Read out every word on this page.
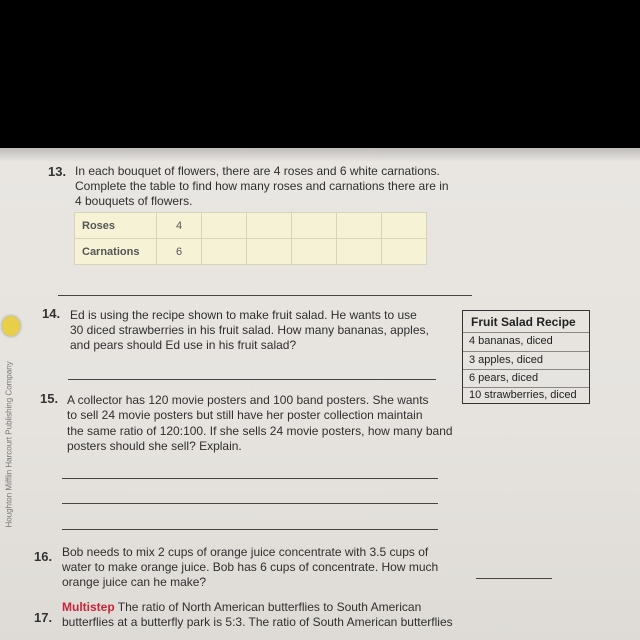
Houghton Mifflin Harcourt Publishing Company
13. In each bouquet of flowers, there are 4 roses and 6 white carnations.
Complete the table to find how many roses and carnations there are in
4 bouquets of flowers.
Roses	4					
Carnations	6					
14. Ed is using the recipe shown to make fruit salad. He wants to use
30 diced strawberries in his fruit salad. How many bananas, apples,
and pears should Ed use in his fruit salad?
Fruit Salad Recipe
4 bananas, diced
3 apples, diced
6 pears, diced
10 strawberries, diced
15. A collector has 120 movie posters and 100 band posters. She wants
to sell 24 movie posters but still have her poster collection maintain
the same ratio of 120:100. If she sells 24 movie posters, how many band
posters should she sell? Explain.
16. Bob needs to mix 2 cups of orange juice concentrate with 3.5 cups of
water to make orange juice. Bob has 6 cups of concentrate. How much
orange juice can he make?
17.
Multistep The ratio of North American butterflies to South American
butterflies at a butterfly park is 5:3. The ratio of South American butterflies
